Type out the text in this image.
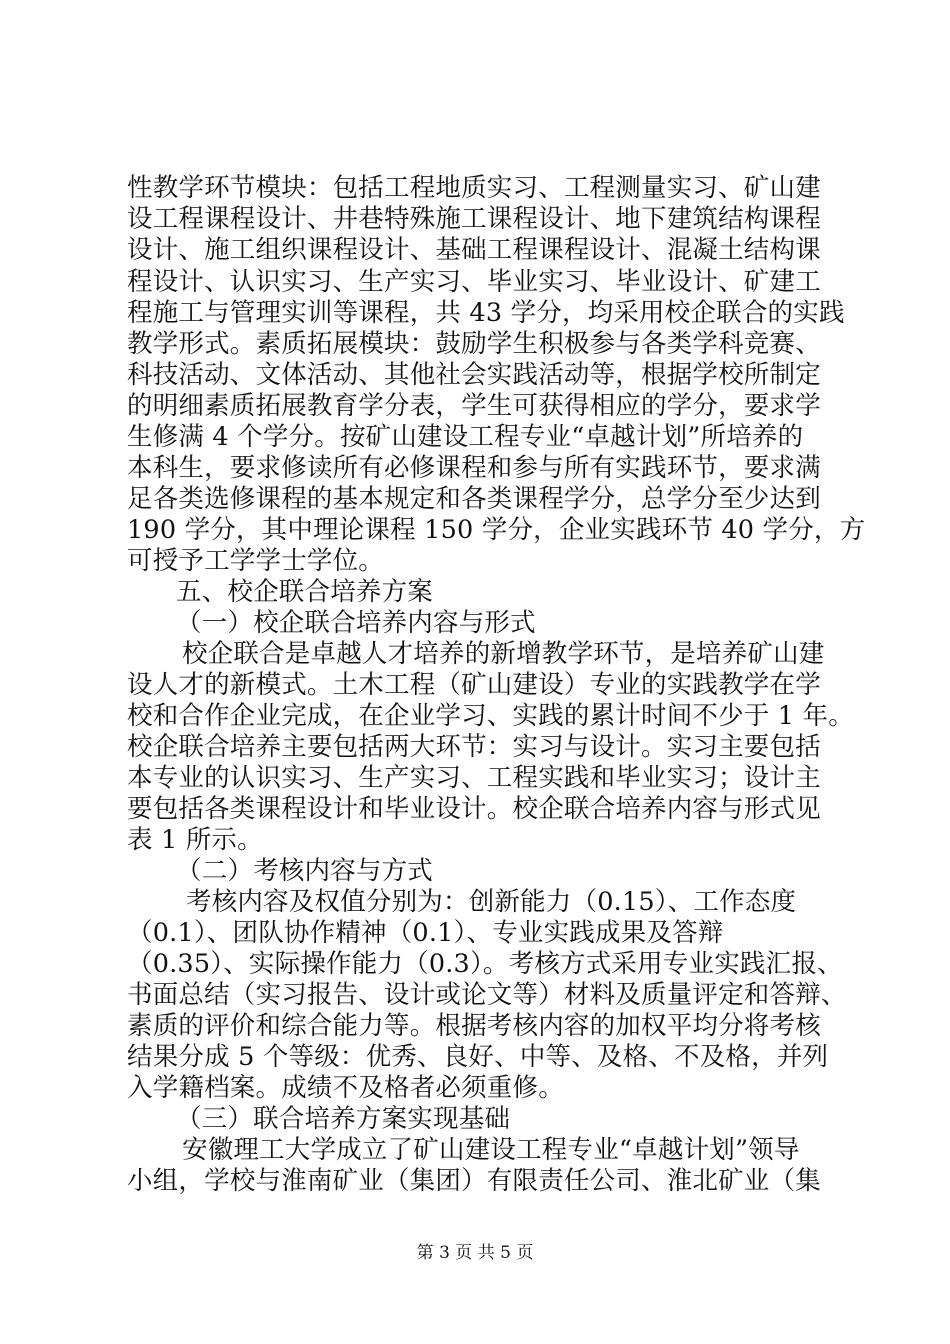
性教学环节模块：包括工程地质实习、工程测量实习、矿山建
设工程课程设计、井巷特殊施工课程设计、地下建筑结构课程
设计、施工组织课程设计、基础工程课程设计、混凝土结构课
程设计、认识实习、生产实习、毕业实习、毕业设计、矿建工
程施工与管理实训等课程，共 43 学分，均采用校企联合的实践
教学形式。素质拓展模块：鼓励学生积极参与各类学科竞赛、
科技活动、文体活动、其他社会实践活动等，根据学校所制定
的明细素质拓展教育学分表，学生可获得相应的学分，要求学
生修满 4 个学分。按矿山建设工程专业“卓越计划”所培养的
本科生，要求修读所有必修课程和参与所有实践环节，要求满
足各类选修课程的基本规定和各类课程学分，总学分至少达到
190 学分，其中理论课程 150 学分，企业实践环节 40 学分，方
可授予工学学士学位。
五、校企联合培养方案
（一）校企联合培养内容与形式
校企联合是卓越人才培养的新增教学环节，是培养矿山建
设人才的新模式。土木工程（矿山建设）专业的实践教学在学
校和合作企业完成，在企业学习、实践的累计时间不少于 1 年。
校企联合培养主要包括两大环节：实习与设计。实习主要包括
本专业的认识实习、生产实习、工程实践和毕业实习；设计主
要包括各类课程设计和毕业设计。校企联合培养内容与形式见
表 1 所示。
（二）考核内容与方式
考核内容及权值分别为：创新能力（0.15）、工作态度
（0.1）、团队协作精神（0.1）、专业实践成果及答辩
（0.35）、实际操作能力（0.3）。考核方式采用专业实践汇报、
书面总结（实习报告、设计或论文等）材料及质量评定和答辩、
素质的评价和综合能力等。根据考核内容的加权平均分将考核
结果分成 5 个等级：优秀、良好、中等、及格、不及格，并列
入学籍档案。成绩不及格者必须重修。
（三）联合培养方案实现基础
安徽理工大学成立了矿山建设工程专业“卓越计划”领导
小组，学校与淮南矿业（集团）有限责任公司、淮北矿业（集
第 3 页 共 5 页
